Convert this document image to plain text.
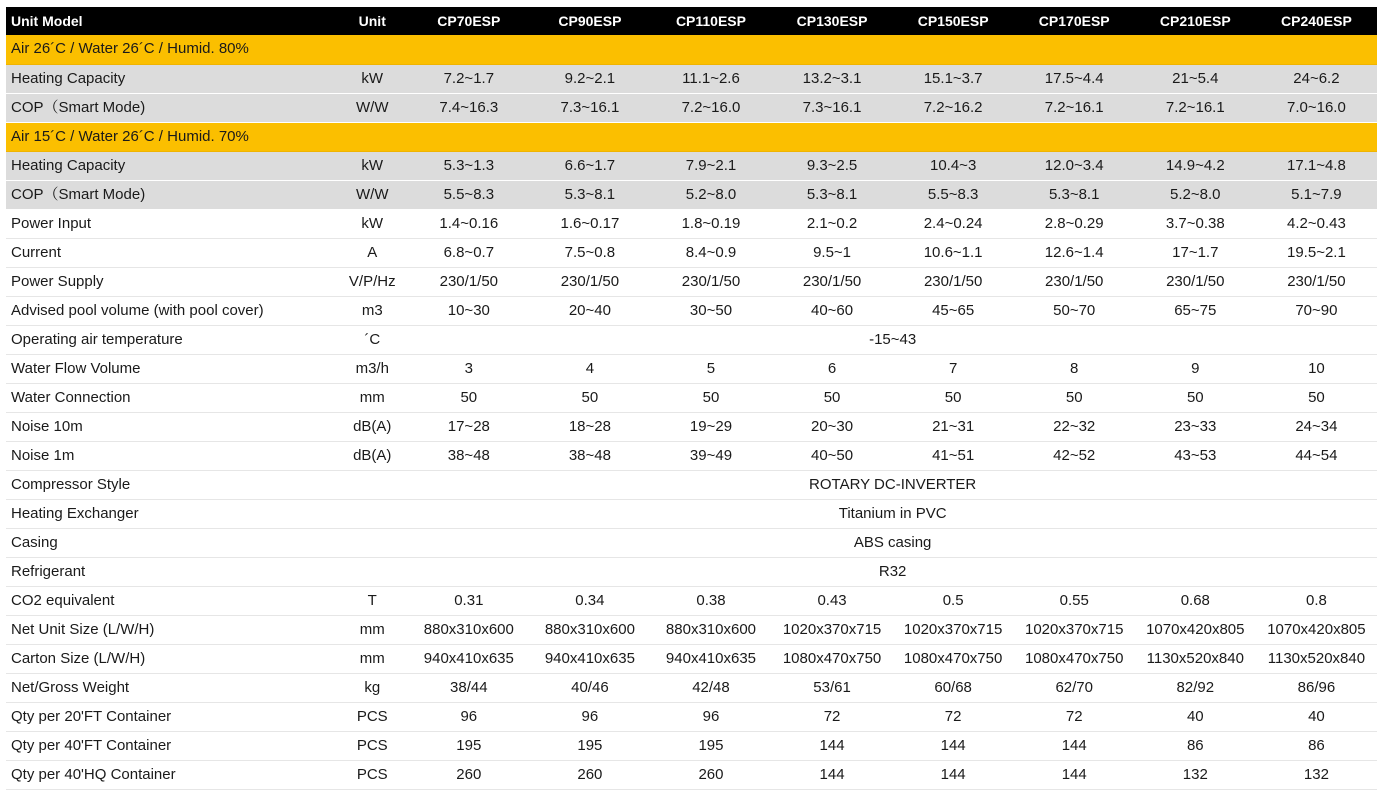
Unit Model	Unit	CP70ESP	CP90ESP	CP110ESP	CP130ESP	CP150ESP	CP170ESP	CP210ESP	CP240ESP
Air 26´C / Water 26´C / Humid. 80%									
Heating Capacity	kW	7.2~1.7	9.2~2.1	11.1~2.6	13.2~3.1	15.1~3.7	17.5~4.4	21~5.4	24~6.2
COP（Smart Mode)	W/W	7.4~16.3	7.3~16.1	7.2~16.0	7.3~16.1	7.2~16.2	7.2~16.1	7.2~16.1	7.0~16.0
Air 15´C / Water 26´C / Humid. 70%									
Heating Capacity	kW	5.3~1.3	6.6~1.7	7.9~2.1	9.3~2.5	10.4~3	12.0~3.4	14.9~4.2	17.1~4.8
COP（Smart Mode)	W/W	5.5~8.3	5.3~8.1	5.2~8.0	5.3~8.1	5.5~8.3	5.3~8.1	5.2~8.0	5.1~7.9
Power Input	kW	1.4~0.16	1.6~0.17	1.8~0.19	2.1~0.2	2.4~0.24	2.8~0.29	3.7~0.38	4.2~0.43
Current	A	6.8~0.7	7.5~0.8	8.4~0.9	9.5~1	10.6~1.1	12.6~1.4	17~1.7	19.5~2.1
Power Supply	V/P/Hz	230/1/50	230/1/50	230/1/50	230/1/50	230/1/50	230/1/50	230/1/50	230/1/50
Advised pool volume (with pool cover)	m3	10~30	20~40	30~50	40~60	45~65	50~70	65~75	70~90
Operating air temperature	´C	-15~43							
Water Flow Volume	m3/h	3	4	5	6	7	8	9	10
Water Connection	mm	50	50	50	50	50	50	50	50
Noise 10m	dB(A)	17~28	18~28	19~29	20~30	21~31	22~32	23~33	24~34
Noise 1m	dB(A)	38~48	38~48	39~49	40~50	41~51	42~52	43~53	44~54
Compressor Style		ROTARY DC-INVERTER							
Heating Exchanger		Titanium in PVC							
Casing		ABS casing							
Refrigerant		R32							
CO2 equivalent	T	0.31	0.34	0.38	0.43	0.5	0.55	0.68	0.8
Net Unit Size (L/W/H)	mm	880x310x600	880x310x600	880x310x600	1020x370x715	1020x370x715	1020x370x715	1070x420x805	1070x420x805
Carton Size (L/W/H)	mm	940x410x635	940x410x635	940x410x635	1080x470x750	1080x470x750	1080x470x750	1130x520x840	1130x520x840
Net/Gross Weight	kg	38/44	40/46	42/48	53/61	60/68	62/70	82/92	86/96
Qty per 20'FT Container	PCS	96	96	96	72	72	72	40	40
Qty per 40'FT Container	PCS	195	195	195	144	144	144	86	86
Qty per 40'HQ Container	PCS	260	260	260	144	144	144	132	132
